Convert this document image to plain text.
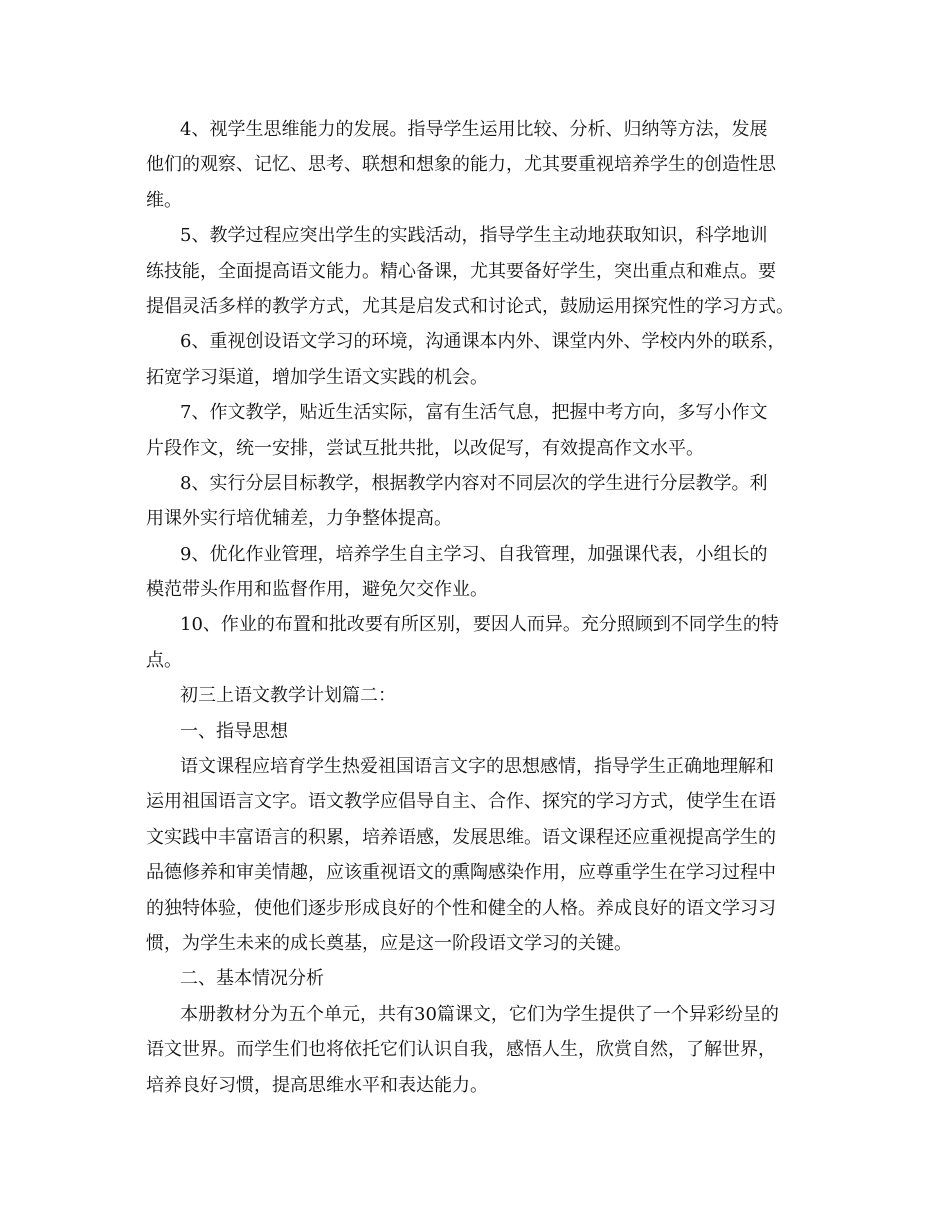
4、视学生思维能力的发展。指导学生运用比较、分析、归纳等方法，发展
他们的观察、记忆、思考、联想和想象的能力，尤其要重视培养学生的创造性思
维。
5、教学过程应突出学生的实践活动，指导学生主动地获取知识，科学地训
练技能，全面提高语文能力。精心备课，尤其要备好学生，突出重点和难点。要
提倡灵活多样的教学方式，尤其是启发式和讨论式，鼓励运用探究性的学习方式。
6、重视创设语文学习的环境，沟通课本内外、课堂内外、学校内外的联系，
拓宽学习渠道，增加学生语文实践的机会。
7、作文教学，贴近生活实际，富有生活气息，把握中考方向，多写小作文
片段作文，统一安排，尝试互批共批，以改促写，有效提高作文水平。
8、实行分层目标教学，根据教学内容对不同层次的学生进行分层教学。利
用课外实行培优辅差，力争整体提高。
9、优化作业管理，培养学生自主学习、自我管理，加强课代表，小组长的
模范带头作用和监督作用，避免欠交作业。
10、作业的布置和批改要有所区别，要因人而异。充分照顾到不同学生的特
点。
初三上语文教学计划篇二：
一、指导思想
语文课程应培育学生热爱祖国语言文字的思想感情，指导学生正确地理解和
运用祖国语言文字。语文教学应倡导自主、合作、探究的学习方式，使学生在语
文实践中丰富语言的积累，培养语感，发展思维。语文课程还应重视提高学生的
品德修养和审美情趣，应该重视语文的熏陶感染作用，应尊重学生在学习过程中
的独特体验，使他们逐步形成良好的个性和健全的人格。养成良好的语文学习习
惯，为学生未来的成长奠基，应是这一阶段语文学习的关键。
二、基本情况分析
本册教材分为五个单元，共有30篇课文，它们为学生提供了一个异彩纷呈的
语文世界。而学生们也将依托它们认识自我，感悟人生，欣赏自然，了解世界，
培养良好习惯，提高思维水平和表达能力。
